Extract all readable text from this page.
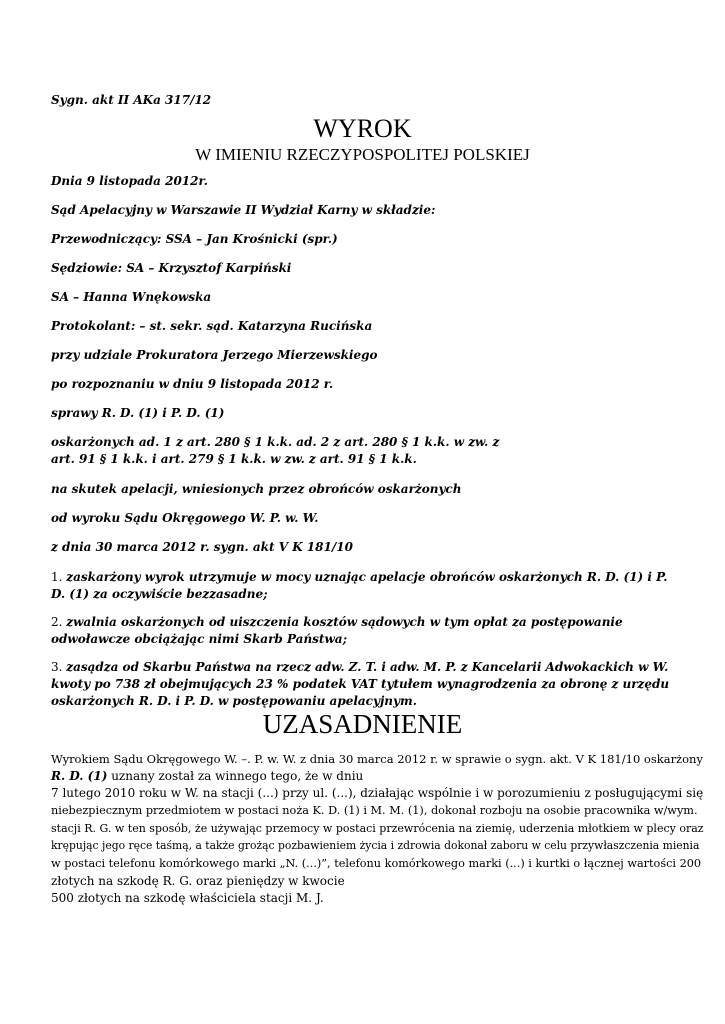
Sygn. akt II AKa 317/12
WYROK
W IMIENIU RZECZYPOSPOLITEJ POLSKIEJ
Dnia 9 listopada 2012r.
Sąd Apelacyjny w Warszawie II Wydział Karny w składzie:
Przewodniczący: SSA – Jan Krośnicki (spr.)
Sędziowie: SA – Krzysztof Karpiński
SA – Hanna Wnękowska
Protokolant: – st. sekr. sąd. Katarzyna Rucińska
przy udziale Prokuratora Jerzego Mierzewskiego
po rozpoznaniu w dniu 9 listopada 2012 r.
sprawy R. D. (1) i P. D. (1)
oskarżonych ad. 1 z art. 280 § 1 k.k. ad. 2 z art. 280 § 1 k.k. w zw. z
art. 91 § 1 k.k. i art. 279 § 1 k.k. w zw. z art. 91 § 1 k.k.
na skutek apelacji, wniesionych przez obrońców oskarżonych
od wyroku Sądu Okręgowego W. P. w. W.
z dnia 30 marca 2012 r. sygn. akt V K 181/10
1. zaskarżony wyrok utrzymuje w mocy uznając apelacje obrońców oskarżonych R. D. (1) i P. D. (1) za oczywiście bezzasadne;
2. zwalnia oskarżonych od uiszczenia kosztów sądowych w tym opłat za postępowanie odwoławcze obciążając nimi Skarb Państwa;
3. zasądza od Skarbu Państwa na rzecz adw. Z. T. i adw. M. P. z Kancelarii Adwokackich w W. kwoty po 738 zł obejmujących 23 % podatek VAT tytułem wynagrodzenia za obronę z urzędu oskarżonych R. D. i P. D. w postępowaniu apelacyjnym.
UZASADNIENIE
Wyrokiem Sądu Okręgowego W. –. P. w. W. z dnia 30 marca 2012 r. w sprawie o sygn. akt. V K 181/10 oskarżony
R. D. (1) uznany został za winnego tego, że w dniu
7 lutego 2010 roku w W. na stacji (...) przy ul. (...), działając wspólnie i w porozumieniu z posługującymi się
niebezpiecznym przedmiotem w postaci noża K. D. (1) i M. M. (1), dokonał rozboju na osobie pracownika w/wym.
stacji R. G. w ten sposób, że używając przemocy w postaci przewrócenia na ziemię, uderzenia młotkiem w plecy oraz
krępując jego ręce taśmą, a także grożąc pozbawieniem życia i zdrowia dokonał zaboru w celu przywłaszczenia mienia
w postaci telefonu komórkowego marki „N. (...)”, telefonu komórkowego marki (...) i kurtki o łącznej wartości 200
złotych na szkodę R. G. oraz pieniędzy w kwocie
500 złotych na szkodę właściciela stacji M. J.
